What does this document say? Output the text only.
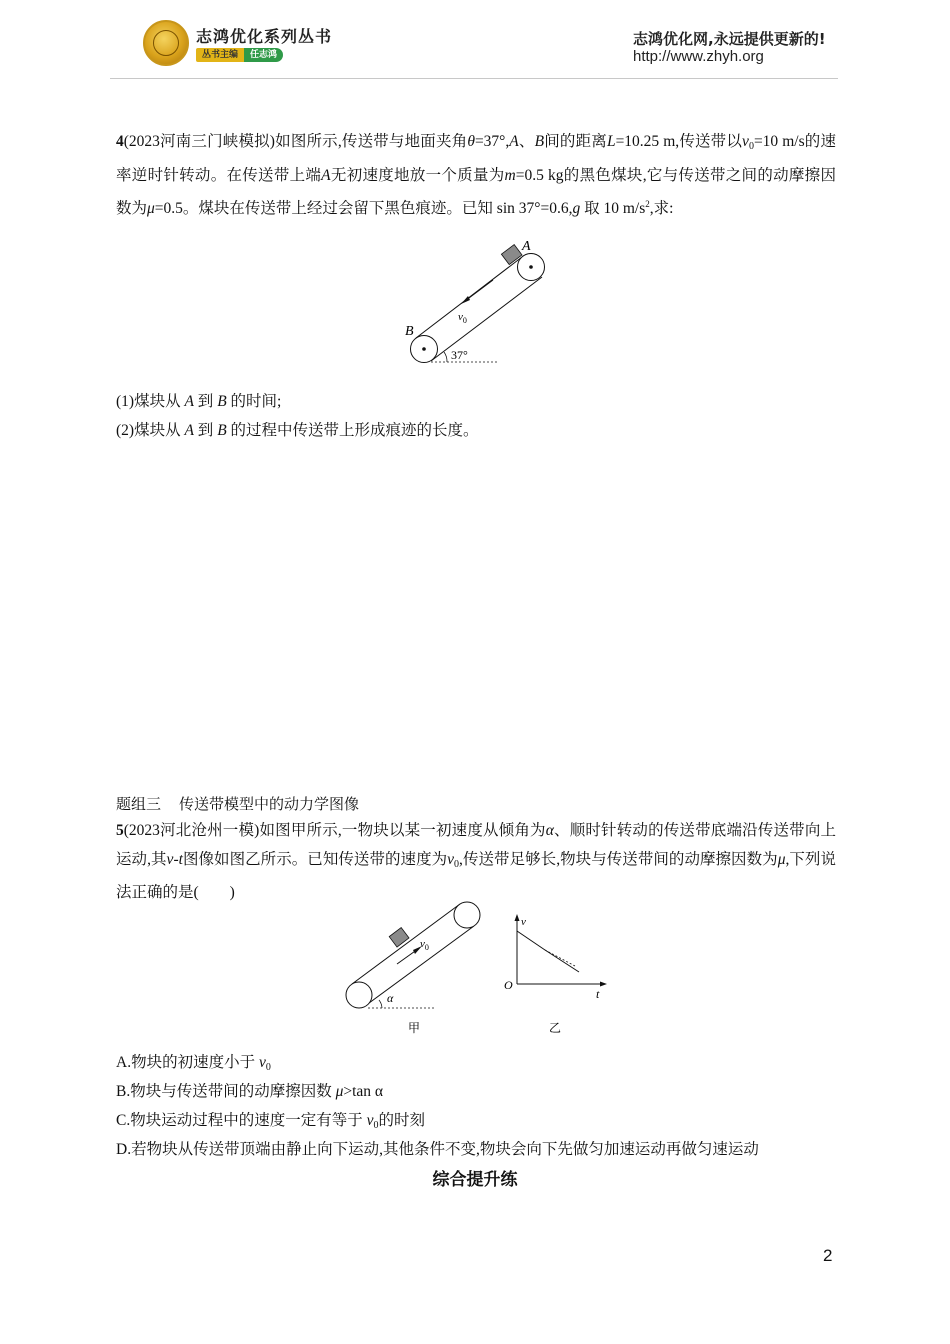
志鸿优化系列丛书
丛书主编	任志鸿
志鸿优化网,永远提供更新的!
http://www.zhyh.org
4(2023河南三门峡模拟)如图所示,传送带与地面夹角θ=37°,A、B间的距离L=10.25 m,传送带以$v_0=10$ m/s的速率逆时针转动。在传送带上端A无初速度地放一个质量为m=0.5 kg的黑色煤块,它与传送带之间的动摩擦因数为μ=0.5。煤块在传送带上经过会留下黑色痕迹。已知 sin 37°=0.6,g 取 10 $m/s^2$,求:
$v_0$
A
B
37°
(1)煤块从 A 到 B 的时间;
(2)煤块从 A 到 B 的过程中传送带上形成痕迹的长度。
题组三 传送带模型中的动力学图像
5(2023河北沧州一模)如图甲所示,一物块以某一初速度从倾角为α、顺时针转动的传送带底端沿传送带向上运动,其v-t图像如图乙所示。已知传送带的速度为$v_0$,传送带足够长,物块与传送带间的动摩擦因数为μ,下列说法正确的是(　　)
$v_0$
α
甲
v
t
O
乙
A.物块的初速度小于 $v_0$
B.物块与传送带间的动摩擦因数 μ>tan α
C.物块运动过程中的速度一定有等于 $v_0$的时刻
D.若物块从传送带顶端由静止向下运动,其他条件不变,物块会向下先做匀加速运动再做匀速运动
综合提升练
2
